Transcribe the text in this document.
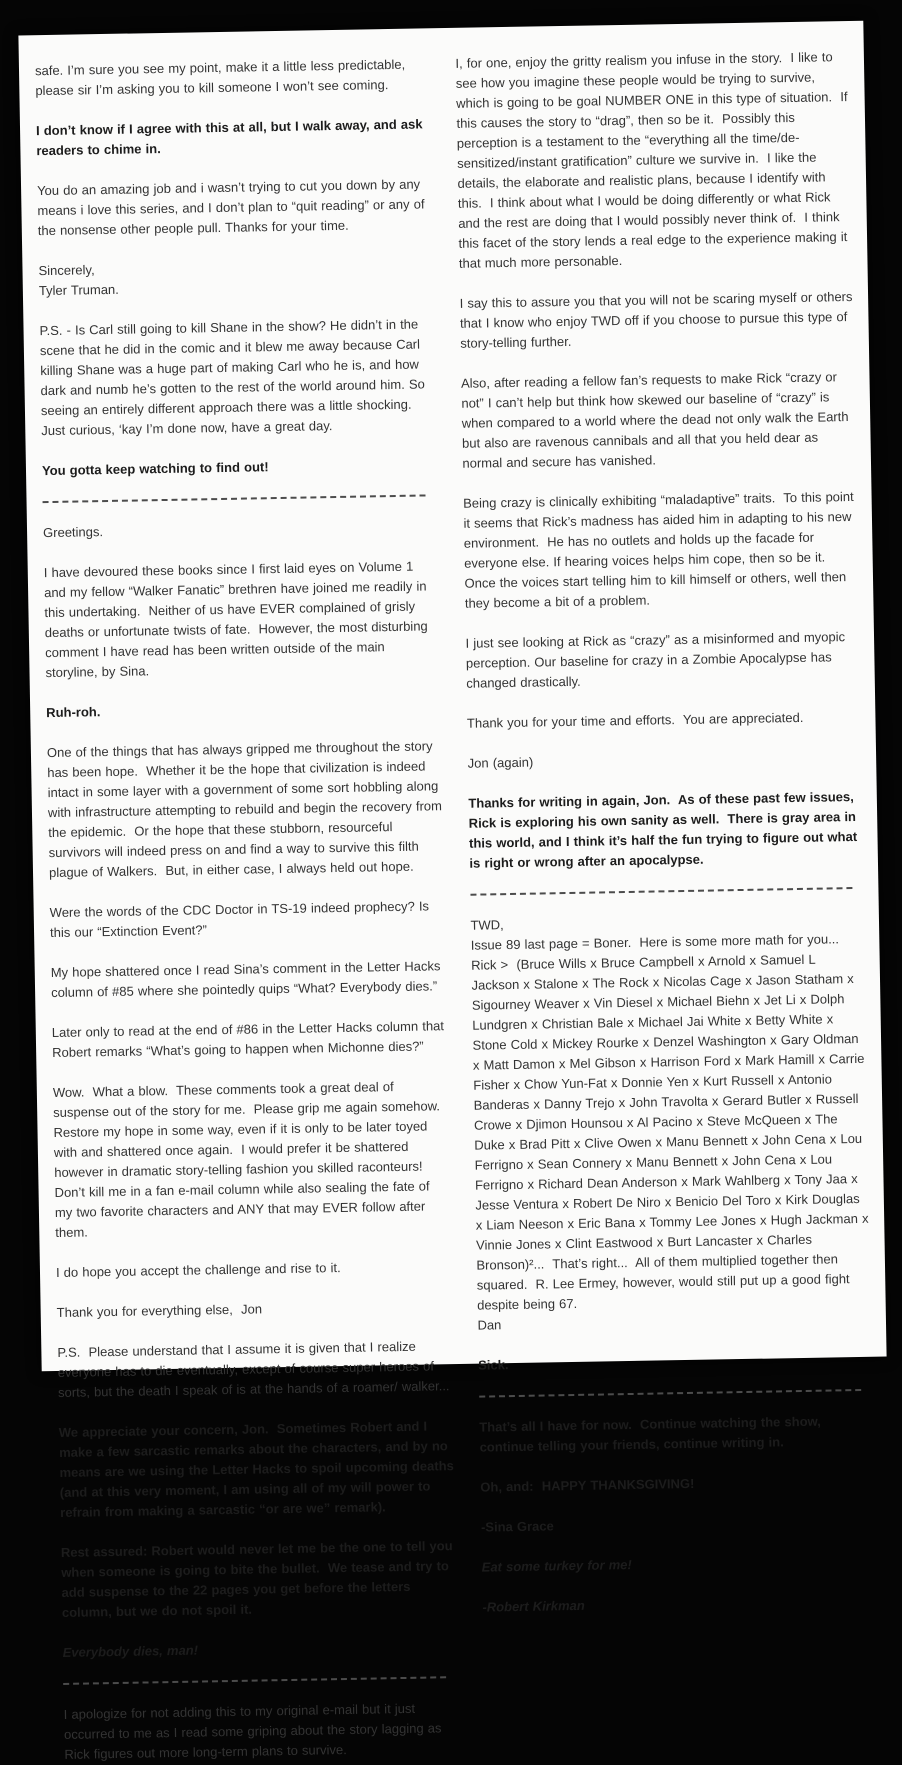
safe. I’m sure you see my point, make it a little less predictable, please sir I’m asking you to kill someone I won’t see coming.

I don’t know if I agree with this at all, but I walk away, and ask readers to chime in.

You do an amazing job and i wasn’t trying to cut you down by any means i love this series, and I don’t plan to “quit reading” or any of the nonsense other people pull. Thanks for your time.

Sincerely,
Tyler Truman.

P.S. - Is Carl still going to kill Shane in the show? He didn’t in the scene that he did in the comic and it blew me away because Carl killing Shane was a huge part of making Carl who he is, and how dark and numb he’s gotten to the rest of the world around him. So seeing an entirely different approach there was a little shocking. Just curious, ‘kay I’m done now, have a great day.

You gotta keep watching to find out!

Greetings.

I have devoured these books since I first laid eyes on Volume 1 and my fellow “Walker Fanatic” brethren have joined me readily in this undertaking.  Neither of us have EVER complained of grisly deaths or unfortunate twists of fate.  However, the most disturbing comment I have read has been written outside of the main storyline, by Sina.

Ruh-roh.

One of the things that has always gripped me throughout the story has been hope.  Whether it be the hope that civilization is indeed intact in some layer with a government of some sort hobbling along with infrastructure attempting to rebuild and begin the recovery from the epidemic.  Or the hope that these stubborn, resourceful survivors will indeed press on and find a way to survive this filth plague of Walkers.  But, in either case, I always held out hope.

Were the words of the CDC Doctor in TS-19 indeed prophecy? Is this our “Extinction Event?”

My hope shattered once I read Sina’s comment in the Letter Hacks column of #85 where she pointedly quips “What? Everybody dies.”

Later only to read at the end of #86 in the Letter Hacks column that Robert remarks “What’s going to happen when Michonne dies?”

Wow.  What a blow.  These comments took a great deal of suspense out of the story for me.  Please grip me again somehow.  Restore my hope in some way, even if it is only to be later toyed with and shattered once again.  I would prefer it be shattered however in dramatic story-telling fashion you skilled raconteurs!  Don’t kill me in a fan e-mail column while also sealing the fate of my two favorite characters and ANY that may EVER follow after them.

I do hope you accept the challenge and rise to it.

Thank you for everything else,  Jon

P.S.  Please understand that I assume it is given that I realize everyone has to die eventually, except of course super heroes of sorts, but the death I speak of is at the hands of a roamer/ walker...

We appreciate your concern, Jon.  Sometimes Robert and I make a few sarcastic remarks about the characters, and by no means are we using the Letter Hacks to spoil upcoming deaths (and at this very moment, I am using all of my will power to refrain from making a sarcastic “or are we” remark).

Rest assured: Robert would never let me be the one to tell you when someone is going to bite the bullet.  We tease and try to add suspense to the 22 pages you get before the letters column, but we do not spoil it.

Everybody dies, man!

I apologize for not adding this to my original e-mail but it just occurred to me as I read some griping about the story lagging as Rick figures out more long-term plans to survive.

I, for one, enjoy the gritty realism you infuse in the story.  I like to see how you imagine these people would be trying to survive, which is going to be goal NUMBER ONE in this type of situation.  If this causes the story to “drag”, then so be it.  Possibly this perception is a testament to the “everything all the time/de-sensitized/instant gratification” culture we survive in.  I like the details, the elaborate and realistic plans, because I identify with this.  I think about what I would be doing differently or what Rick and the rest are doing that I would possibly never think of.  I think this facet of the story lends a real edge to the experience making it that much more personable.

I say this to assure you that you will not be scaring myself or others that I know who enjoy TWD off if you choose to pursue this type of story-telling further.

Also, after reading a fellow fan’s requests to make Rick “crazy or not” I can’t help but think how skewed our baseline of “crazy” is when compared to a world where the dead not only walk the Earth but also are ravenous cannibals and all that you held dear as normal and secure has vanished.

Being crazy is clinically exhibiting “maladaptive” traits.  To this point it seems that Rick’s madness has aided him in adapting to his new environment.  He has no outlets and holds up the facade for everyone else. If hearing voices helps him cope, then so be it.  Once the voices start telling him to kill himself or others, well then they become a bit of a problem.

I just see looking at Rick as “crazy” as a misinformed and myopic perception. Our baseline for crazy in a Zombie Apocalypse has changed drastically.

Thank you for your time and efforts.  You are appreciated.

Jon (again)

Thanks for writing in again, Jon.  As of these past few issues, Rick is exploring his own sanity as well.  There is gray area in this world, and I think it’s half the fun trying to figure out what is right or wrong after an apocalypse.

TWD,
Issue 89 last page = Boner.  Here is some more math for you...  Rick >  (Bruce Wills x Bruce Campbell x Arnold x Samuel L Jackson x Stalone x The Rock x Nicolas Cage x Jason Statham x Sigourney Weaver x Vin Diesel x Michael Biehn x Jet Li x Dolph Lundgren x Christian Bale x Michael Jai White x Betty White x Stone Cold x Mickey Rourke x Denzel Washington x Gary Oldman x Matt Damon x Mel Gibson x Harrison Ford x Mark Hamill x Carrie Fisher x Chow Yun-Fat x Donnie Yen x Kurt Russell x Antonio Banderas x Danny Trejo x John Travolta x Gerard Butler x Russell Crowe x Djimon Hounsou x Al Pacino x Steve McQueen x The Duke x Brad Pitt x Clive Owen x Manu Bennett x John Cena x Lou Ferrigno x Sean Connery x Manu Bennett x John Cena x Lou Ferrigno x Richard Dean Anderson x Mark Wahlberg x Tony Jaa x Jesse Ventura x Robert De Niro x Benicio Del Toro x Kirk Douglas x Liam Neeson x Eric Bana x Tommy Lee Jones x Hugh Jackman x Vinnie Jones x Clint Eastwood x Burt Lancaster x Charles Bronson)²...  That’s right...  All of them multiplied together then squared.  R. Lee Ermey, however, would still put up a good fight despite being 67.
Dan

Sick.

That’s all I have for now.  Continue watching the show, continue telling your friends, continue writing in.

Oh, and:  HAPPY THANKSGIVING!

-Sina Grace

Eat some turkey for me!

-Robert Kirkman
